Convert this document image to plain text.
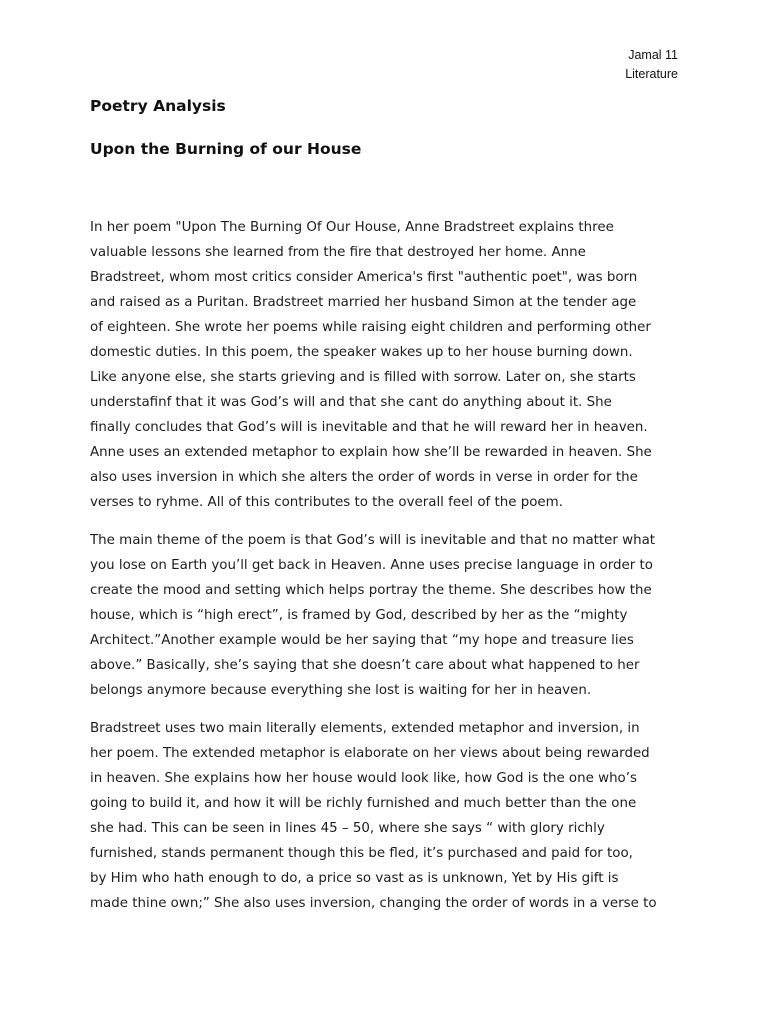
Jamal 11
Literature
Poetry Analysis
Upon the Burning of our House

In her poem "Upon The Burning Of Our House, Anne Bradstreet explains three
valuable lessons she learned from the fire that destroyed her home. Anne
Bradstreet, whom most critics consider America's first "authentic poet", was born
and raised as a Puritan. Bradstreet married her husband Simon at the tender age
of eighteen. She wrote her poems while raising eight children and performing other
domestic duties. In this poem, the speaker wakes up to her house burning down.
Like anyone else, she starts grieving and is filled with sorrow. Later on, she starts
understafinf that it was God’s will and that she cant do anything about it. She
finally concludes that God’s will is inevitable and that he will reward her in heaven.
Anne uses an extended metaphor to explain how she’ll be rewarded in heaven. She
also uses inversion in which she alters the order of words in verse in order for the
verses to ryhme. All of this contributes to the overall feel of the poem.

The main theme of the poem is that God’s will is inevitable and that no matter what
you lose on Earth you’ll get back in Heaven. Anne uses precise language in order to
create the mood and setting which helps portray the theme. She describes how the
house, which is “high erect”, is framed by God, described by her as the “mighty
Architect.”Another example would be her saying that “my hope and treasure lies
above.” Basically, she’s saying that she doesn’t care about what happened to her
belongs anymore because everything she lost is waiting for her in heaven.

Bradstreet uses two main literally elements, extended metaphor and inversion, in
her poem. The extended metaphor is elaborate on her views about being rewarded
in heaven. She explains how her house would look like, how God is the one who’s
going to build it, and how it will be richly furnished and much better than the one
she had. This can be seen in lines 45 – 50, where she says “ with glory richly
furnished, stands permanent though this be fled, it’s purchased and paid for too,
by Him who hath enough to do, a price so vast as is unknown, Yet by His gift is
made thine own;” She also uses inversion, changing the order of words in a verse to
